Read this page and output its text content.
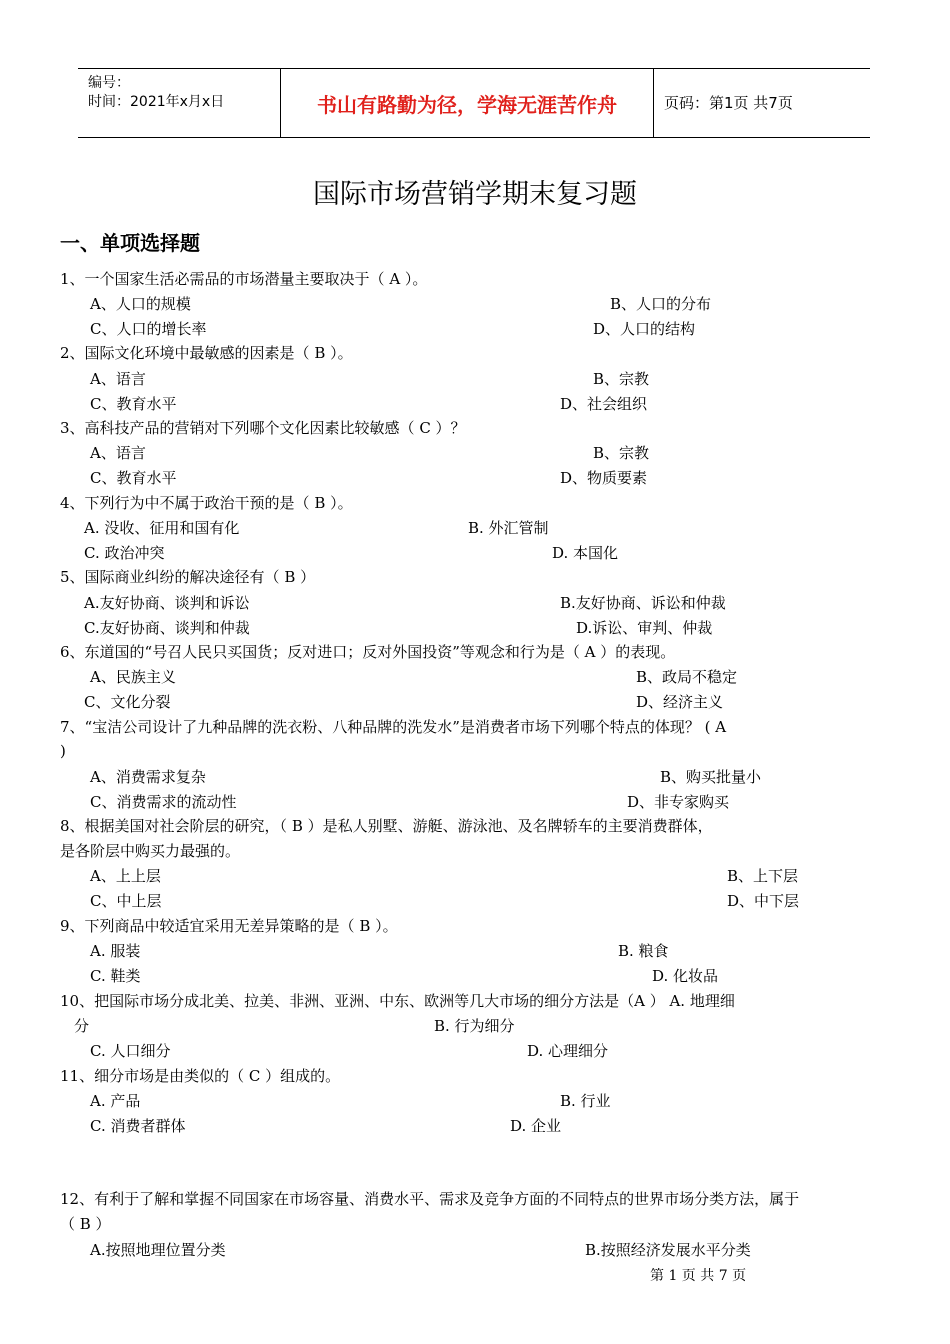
编号：
时间：2021年x月x日	书山有路勤为径，学海无涯苦作舟	页码：第1页 共7页
国际市场营销学期末复习题
一、单项选择题
1、一个国家生活必需品的市场潜量主要取决于（ A ）。
A、人口的规模	B、人口的分布
C、人口的增长率	D、人口的结构
2、国际文化环境中最敏感的因素是（ B ）。
A、语言	B、宗教
C、教育水平	D、社会组织
3、高科技产品的营销对下列哪个文化因素比较敏感（ C ）？
A、语言	B、宗教
C、教育水平	D、物质要素
4、下列行为中不属于政治干预的是（ B ）。
A. 没收、征用和国有化	B. 外汇管制
C. 政治冲突	D. 本国化
5、国际商业纠纷的解决途径有（ B ）
A.友好协商、谈判和诉讼	B.友好协商、诉讼和仲裁
C.友好协商、谈判和仲裁	D.诉讼、审判、仲裁
6、东道国的“号召人民只买国货；反对进口；反对外国投资”等观念和行为是（ A ）的表现。
A、民族主义	B、政局不稳定
C、文化分裂	D、经济主义
7、“宝洁公司设计了九种品牌的洗衣粉、八种品牌的洗发水”是消费者市场下列哪个特点的体现？ ( A
)
A、消费需求复杂	B、购买批量小
C、消费需求的流动性	D、非专家购买
8、根据美国对社会阶层的研究，（ B ）是私人别墅、游艇、游泳池、及名牌轿车的主要消费群体，
是各阶层中购买力最强的。
A、上上层	B、上下层
C、中上层	D、中下层
9、下列商品中较适宜采用无差异策略的是（ B ）。
A. 服装	B. 粮食
C. 鞋类	D. 化妆品
10、把国际市场分成北美、拉美、非洲、亚洲、中东、欧洲等几大市场的细分方法是（A ） A. 地理细
分	B. 行为细分
C. 人口细分	D. 心理细分
11、细分市场是由类似的（ C ）组成的。
A. 产品	B. 行业
C. 消费者群体	D. 企业
12、有利于了解和掌握不同国家在市场容量、消费水平、需求及竞争方面的不同特点的世界市场分类方法，属于
（ B ）
A.按照地理位置分类	B.按照经济发展水平分类
第 1 页 共 7 页
